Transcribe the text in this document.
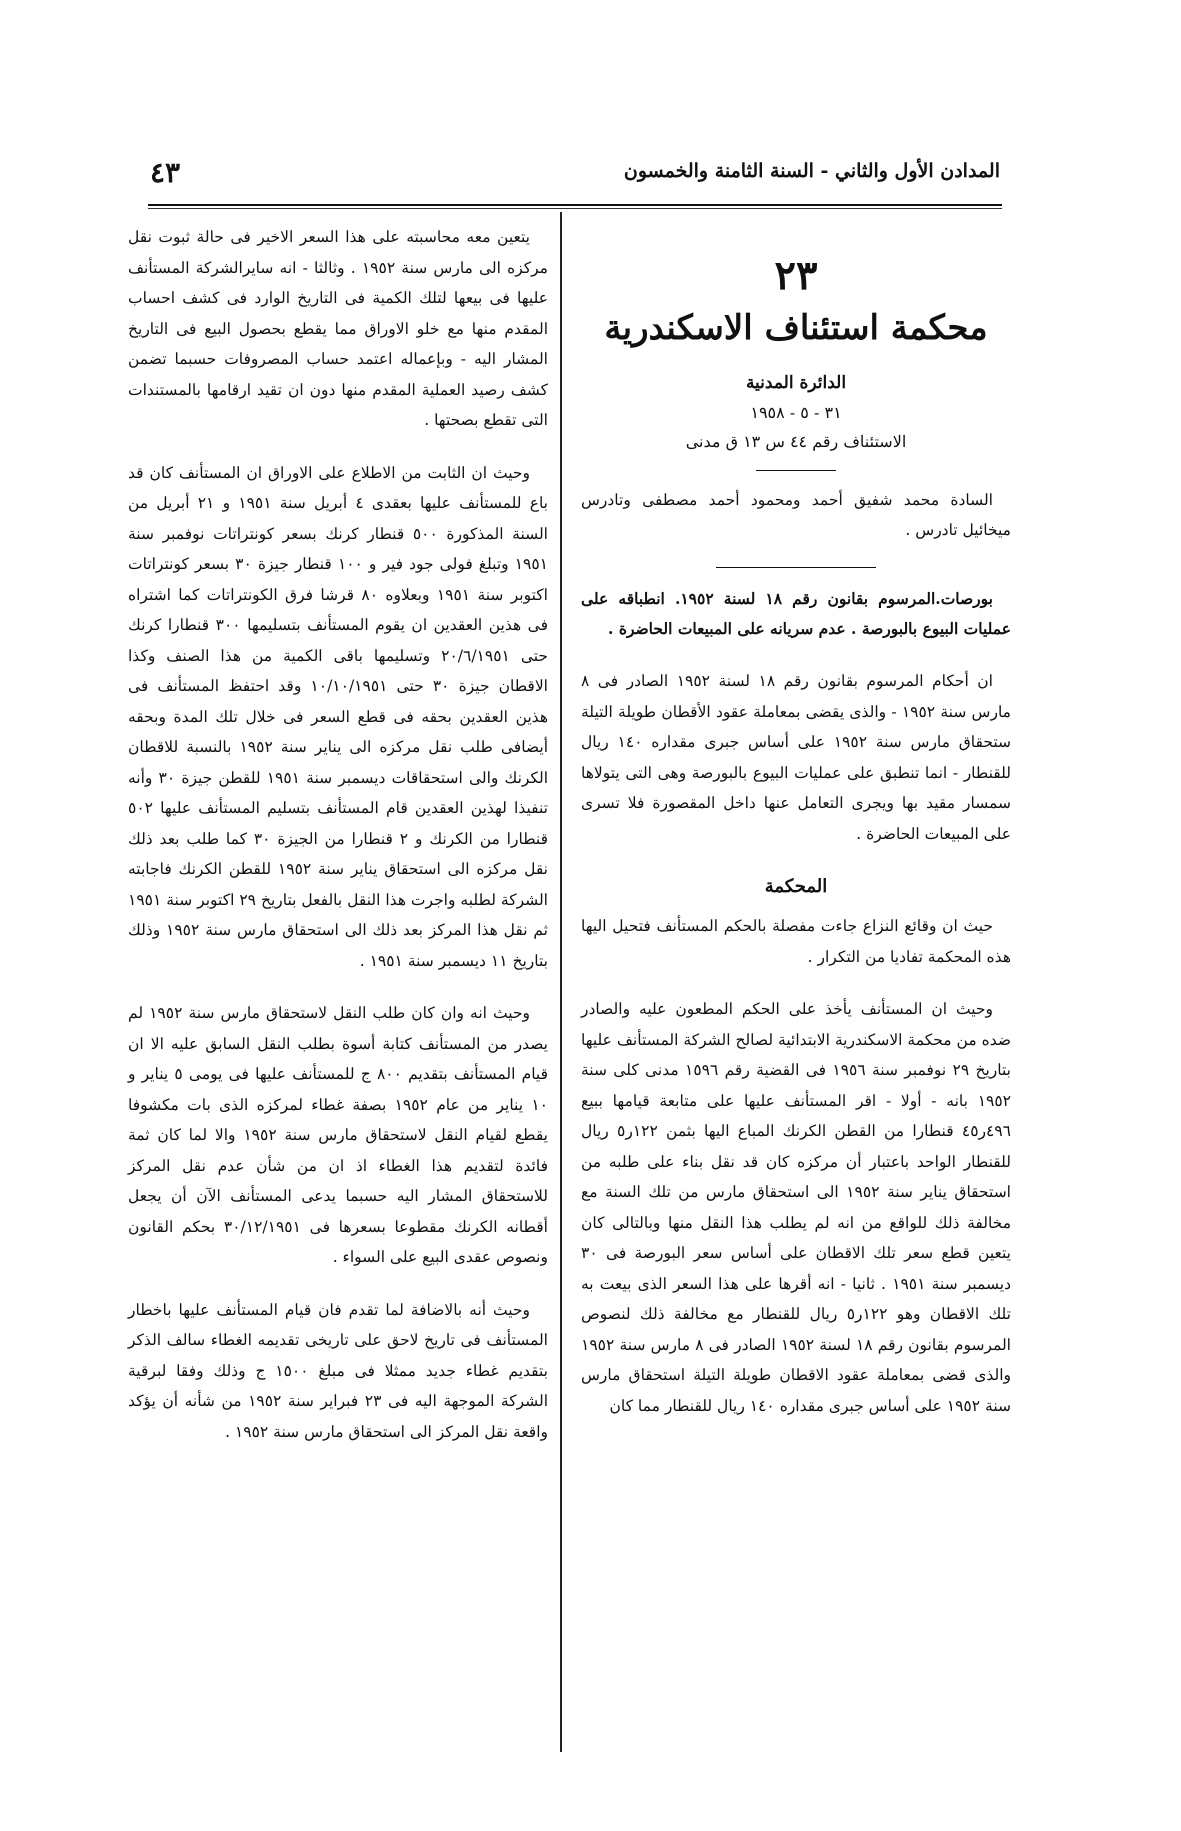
المدادن الأول والثاني - السنة الثامنة والخمسون
٤٣
٢٣
محكمة استئناف الاسكندرية
الدائرة المدنية
٣١ - ٥ - ١٩٥٨
الاستئناف رقم ٤٤ س ١٣ ق مدنى

السادة محمد شفيق أحمد ومحمود أحمد مصطفى وتادرس ميخائيل تادرس .

بورصات.المرسوم بقانون رقم ١٨ لسنة ١٩٥٢. انطباقه على عمليات البيوع بالبورصة . عدم سريانه على المبيعات الحاضرة .

ان أحكام المرسوم بقانون رقم ١٨ لسنة ١٩٥٢ الصادر فى ٨ مارس سنة ١٩٥٢ - والذى يقضى بمعاملة عقود الأقطان طويلة التيلة ستحقاق مارس سنة ١٩٥٢ على أساس جبرى مقداره ١٤٠ ريال للقنطار - انما تنطبق على عمليات البيوع بالبورصة وهى التى يتولاها سمسار مقيد بها ويجرى التعامل عنها داخل المقصورة فلا تسرى على المبيعات الحاضرة .

المحكمة

حيث ان وقائع النزاع جاءت مفصلة بالحكم المستأنف فتحيل اليها هذه المحكمة تفاديا من التكرار .

وحيث ان المستأنف يأخذ على الحكم المطعون عليه والصادر ضده من محكمة الاسكندرية الابتدائية لصالح الشركة المستأنف عليها بتاريخ ٢٩ نوفمبر سنة ١٩٥٦ فى القضية رقم ١٥٩٦ مدنى كلى سنة ١٩٥٢ بانه - أولا - اقر المستأنف عليها على متابعة قيامها ببيع ٤٩٦ر٤٥ قنطارا من القطن الكرنك المباع اليها بثمن ١٢٢ر٥ ريال للقنطار الواحد باعتبار أن مركزه كان قد نقل بناء على طلبه من استحقاق يناير سنة ١٩٥٢ الى استحقاق مارس من تلك السنة مع مخالفة ذلك للواقع من انه لم يطلب هذا النقل منها وبالتالى كان يتعين قطع سعر تلك الاقطان على أساس سعر البورصة فى ٣٠ ديسمبر سنة ١٩٥١ . ثانيا - انه أقرها على هذا السعر الذى بيعت به تلك الاقطان وهو ١٢٢ر٥ ريال للقنطار مع مخالفة ذلك لنصوص المرسوم بقانون رقم ١٨ لسنة ١٩٥٢ الصادر فى ٨ مارس سنة ١٩٥٢ والذى قضى بمعاملة عقود الاقطان طويلة التيلة استحقاق مارس سنة ١٩٥٢ على أساس جبرى مقداره ١٤٠ ريال للقنطار مما كان

يتعين معه محاسبته على هذا السعر الاخير فى حالة ثبوت نقل مركزه الى مارس سنة ١٩٥٢ . وثالثا - انه سايرالشركة المستأنف عليها فى بيعها لتلك الكمية فى التاريخ الوارد فى كشف احساب المقدم منها مع خلو الاوراق مما يقطع بحصول البيع فى التاريخ المشار اليه - وبإعماله اعتمد حساب المصروفات حسبما تضمن كشف رصيد العملية المقدم منها دون ان تقيد ارقامها بالمستندات التى تقطع بصحتها .

وحيث ان الثابت من الاطلاع على الاوراق ان المستأنف كان قد باع للمستأنف عليها بعقدى ٤ أبريل سنة ١٩٥١ و ٢١ أبريل من السنة المذكورة ٥٠٠ قنطار كرنك بسعر كونتراتات نوفمبر سنة ١٩٥١ وتبلغ فولى جود فير و ١٠٠ قنطار جيزة ٣٠ بسعر كونتراتات اكتوبر سنة ١٩٥١ وبعلاوه ٨٠ قرشا فرق الكونتراتات كما اشتراه فى هذين العقدين ان يقوم المستأنف بتسليمها ٣٠٠ قنطارا كرنك حتى ٢٠/٦/١٩٥١ وتسليمها باقى الكمية من هذا الصنف وكذا الاقطان جيزة ٣٠ حتى ١٠/١٠/١٩٥١ وقد احتفظ المستأنف فى هذين العقدين بحقه فى قطع السعر فى خلال تلك المدة وبحقه أيضافى طلب نقل مركزه الى يناير سنة ١٩٥٢ بالنسبة للاقطان الكرنك والى استحقاقات ديسمبر سنة ١٩٥١ للقطن جيزة ٣٠ وأنه تنفيذا لهذين العقدين قام المستأنف بتسليم المستأنف عليها ٥٠٢ قنطارا من الكرنك و ٢ قنطارا من الجيزة ٣٠ كما طلب بعد ذلك نقل مركزه الى استحقاق يناير سنة ١٩٥٢ للقطن الكرنك فاجابته الشركة لطلبه واجرت هذا النقل بالفعل بتاريخ ٢٩ اكتوبر سنة ١٩٥١ ثم نقل هذا المركز بعد ذلك الى استحقاق مارس سنة ١٩٥٢ وذلك بتاريخ ١١ ديسمبر سنة ١٩٥١ .

وحيث انه وان كان طلب النقل لاستحقاق مارس سنة ١٩٥٢ لم يصدر من المستأنف كتابة أسوة بطلب النقل السابق عليه الا ان قيام المستأنف بتقديم ٨٠٠ ج للمستأنف عليها فى يومى ٥ يناير و ١٠ يناير من عام ١٩٥٢ بصفة غطاء لمركزه الذى بات مكشوفا يقطع لقيام النقل لاستحقاق مارس سنة ١٩٥٢ والا لما كان ثمة فائدة لتقديم هذا الغطاء اذ ان من شأن عدم نقل المركز للاستحقاق المشار اليه حسبما يدعى المستأنف الآن أن يجعل أقطانه الكرنك مقطوعا بسعرها فى ٣٠/١٢/١٩٥١ بحكم القانون ونصوص عقدى البيع على السواء .

وحيث أنه بالاضافة لما تقدم فان قيام المستأنف عليها باخطار المستأنف فى تاريخ لاحق على تاريخى تقديمه الغطاء سالف الذكر بتقديم غطاء جديد ممثلا فى مبلغ ١٥٠٠ ج وذلك وفقا لبرقية الشركة الموجهة اليه فى ٢٣ فبراير سنة ١٩٥٢ من شأنه أن يؤكد واقعة نقل المركز الى استحقاق مارس سنة ١٩٥٢ .
